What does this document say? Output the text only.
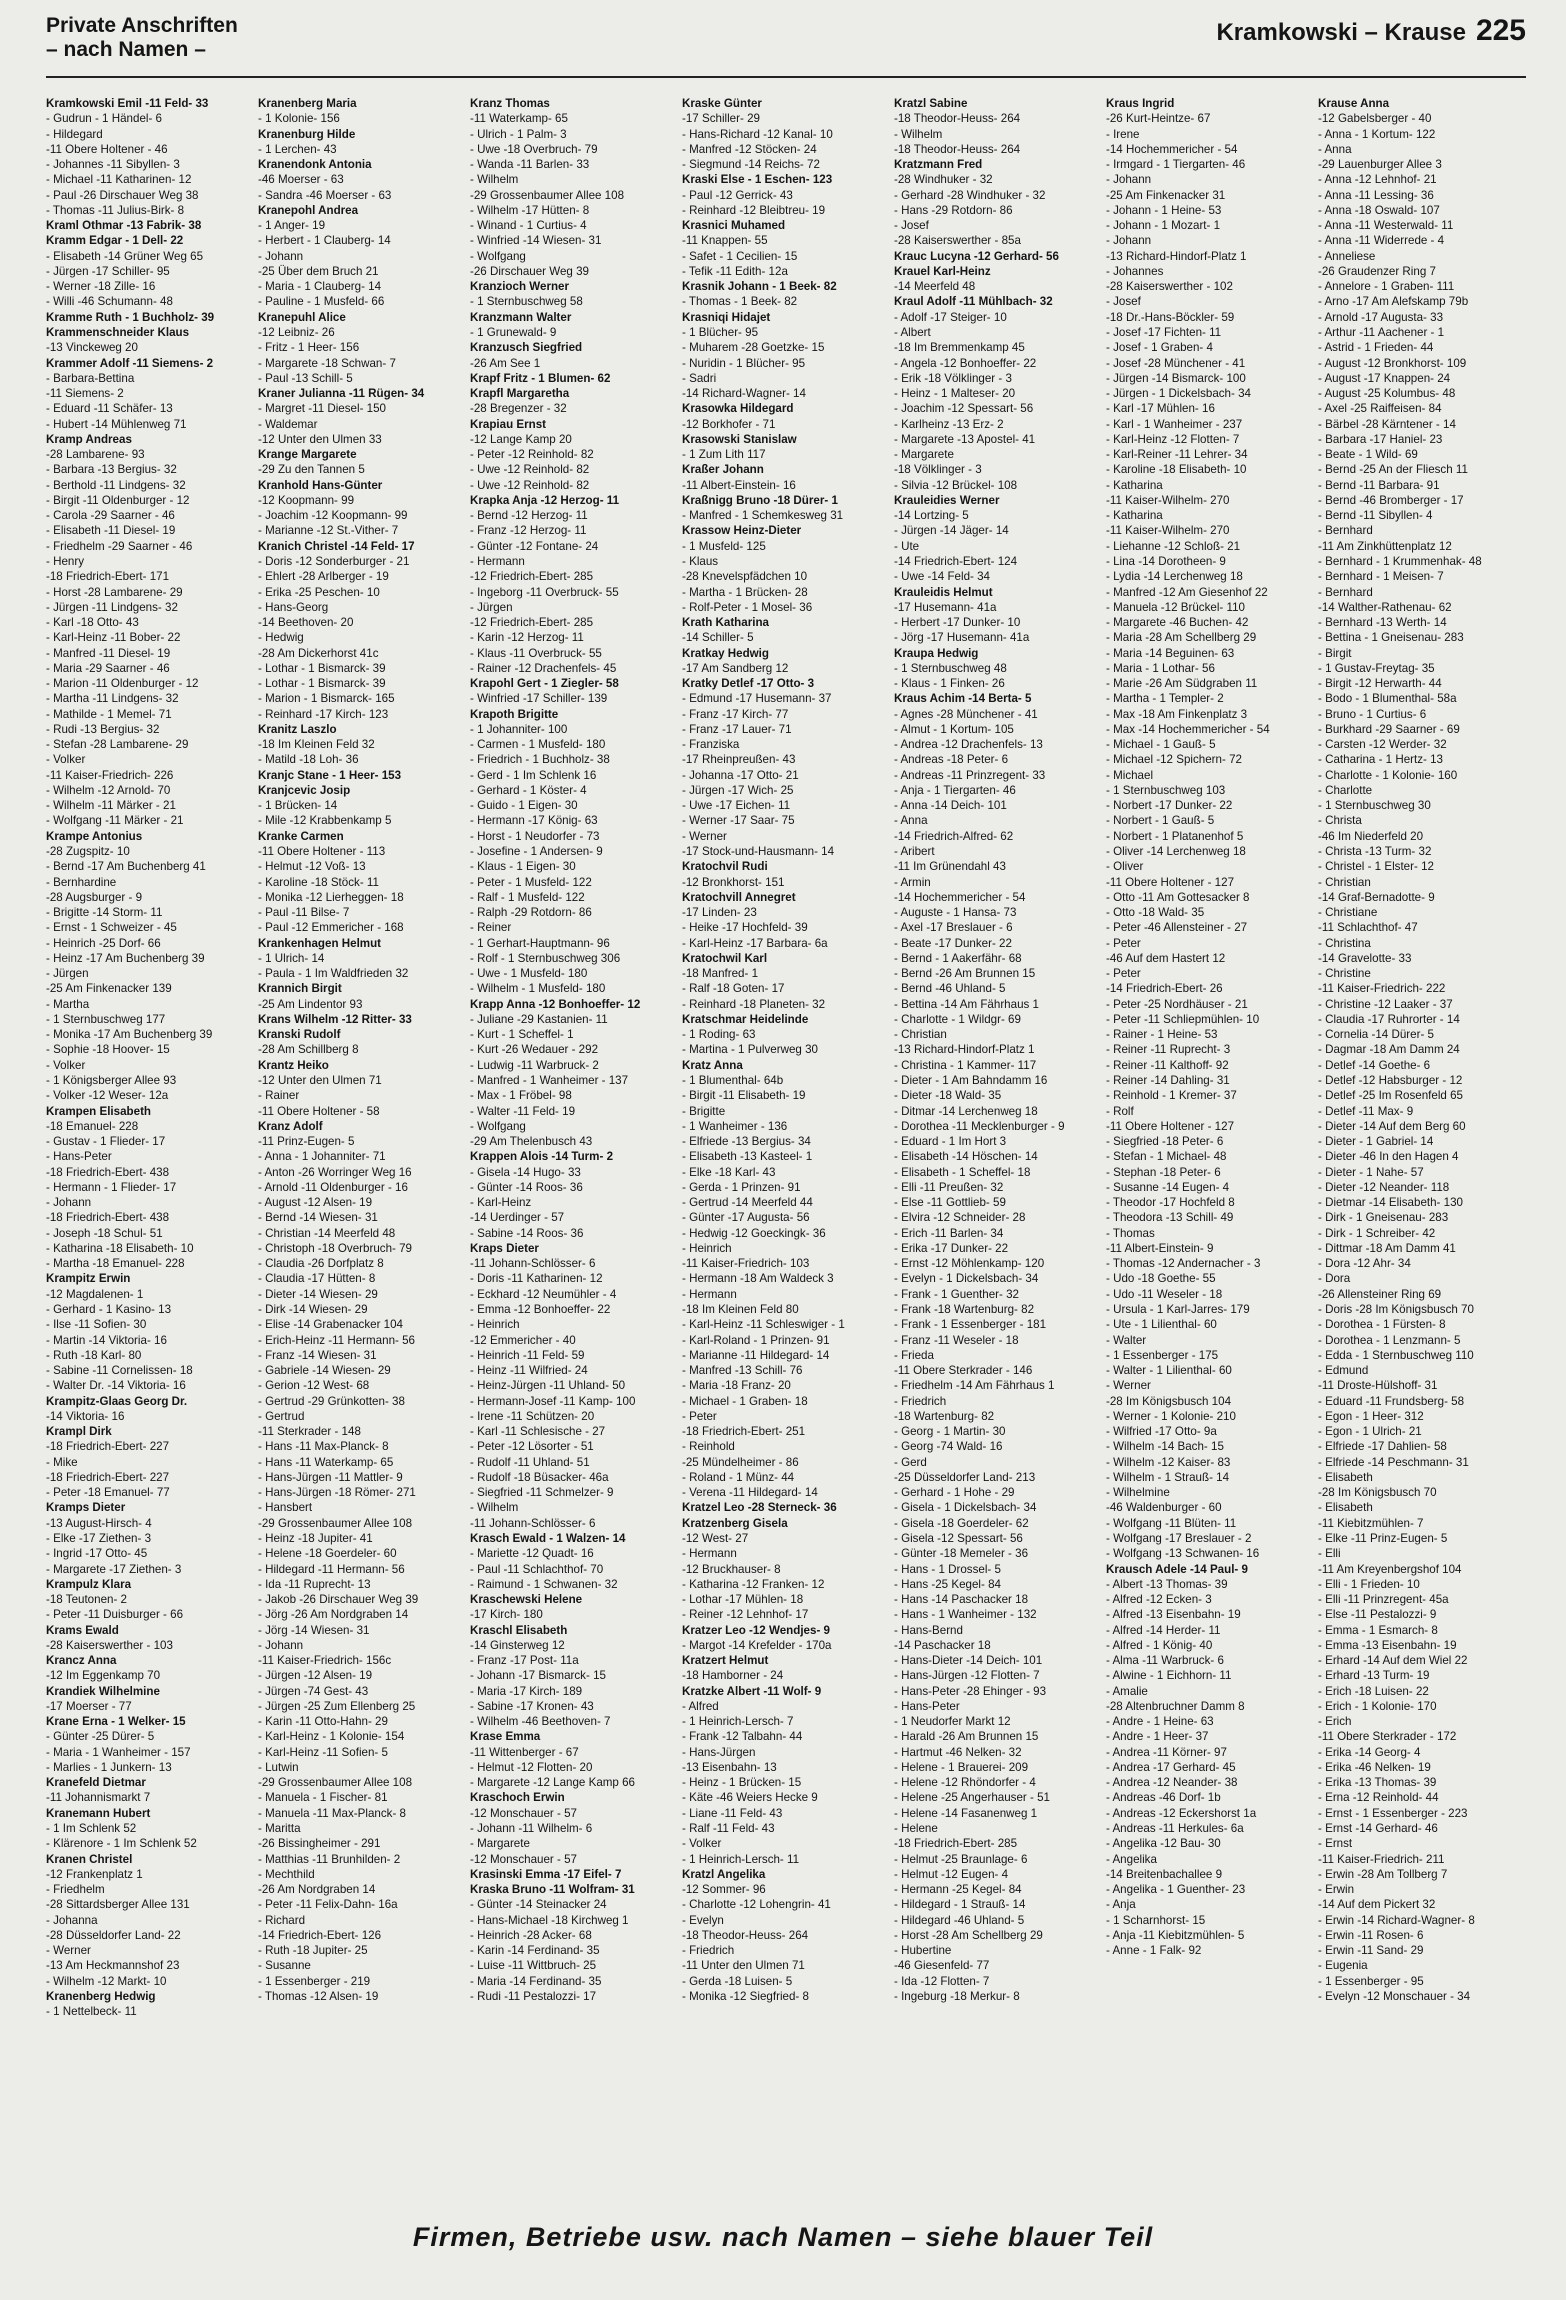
Private Anschriften
– nach Namen –
Kramkowski – Krause 225
Kramkowski Emil -11 Feld- 33
- Gudrun - 1 Händel- 6
- Hildegard
-11 Obere Holtener - 46
- Johannes -11 Sibyllen- 3
- Michael -11 Katharinen- 12
- Paul -26 Dirschauer Weg 38
- Thomas -11 Julius-Birk- 8
Kraml Othmar -13 Fabrik- 38
Kramm Edgar - 1 Dell- 22
- Elisabeth -14 Grüner Weg 65
- Jürgen -17 Schiller- 95
- Werner -18 Zille- 16
- Willi -46 Schumann- 48
Kramme Ruth - 1 Buchholz- 39
Krammenschneider Klaus
-13 Vinckeweg 20
Krammer Adolf -11 Siemens- 2
- Barbara-Bettina
-11 Siemens- 2
- Eduard -11 Schäfer- 13
- Hubert -14 Mühlenweg 71
Kramp Andreas
-28 Lambarene- 93
- Barbara -13 Bergius- 32
- Berthold -11 Lindgens- 32
- Birgit -11 Oldenburger - 12
- Carola -29 Saarner - 46
- Elisabeth -11 Diesel- 19
- Friedhelm -29 Saarner - 46
- Henry
-18 Friedrich-Ebert- 171
- Horst -28 Lambarene- 29
- Jürgen -11 Lindgens- 32
- Karl -18 Otto- 43
- Karl-Heinz -11 Bober- 22
- Manfred -11 Diesel- 19
- Maria -29 Saarner - 46
- Marion -11 Oldenburger - 12
- Martha -11 Lindgens- 32
- Mathilde - 1 Memel- 71
- Rudi -13 Bergius- 32
- Stefan -28 Lambarene- 29
- Volker
-11 Kaiser-Friedrich- 226
- Wilhelm -12 Arnold- 70
- Wilhelm -11 Märker - 21
- Wolfgang -11 Märker - 21
Krampe Antonius
-28 Zugspitz- 10
- Bernd -17 Am Buchenberg 41
- Bernhardine
-28 Augsburger - 9
- Brigitte -14 Storm- 11
- Ernst - 1 Schweizer - 45
- Heinrich -25 Dorf- 66
- Heinz -17 Am Buchenberg 39
- Jürgen
-25 Am Finkenacker 139
- Martha
- 1 Sternbuschweg 177
- Monika -17 Am Buchenberg 39
- Sophie -18 Hoover- 15
- Volker
- 1 Königsberger Allee 93
- Volker -12 Weser- 12a
Krampen Elisabeth
-18 Emanuel- 228
- Gustav - 1 Flieder- 17
- Hans-Peter
-18 Friedrich-Ebert- 438
- Hermann - 1 Flieder- 17
- Johann
-18 Friedrich-Ebert- 438
- Joseph -18 Schul- 51
- Katharina -18 Elisabeth- 10
- Martha -18 Emanuel- 228
Krampitz Erwin
-12 Magdalenen- 1
- Gerhard - 1 Kasino- 13
- Ilse -11 Sofien- 30
- Martin -14 Viktoria- 16
- Ruth -18 Karl- 80
- Sabine -11 Cornelissen- 18
- Walter Dr. -14 Viktoria- 16
Krampitz-Glaas Georg Dr.
-14 Viktoria- 16
Krampl Dirk
-18 Friedrich-Ebert- 227
- Mike
-18 Friedrich-Ebert- 227
- Peter -18 Emanuel- 77
Kramps Dieter
-13 August-Hirsch- 4
- Elke -17 Ziethen- 3
- Ingrid -17 Otto- 45
- Margarete -17 Ziethen- 3
Krampulz Klara
-18 Teutonen- 2
- Peter -11 Duisburger - 66
Krams Ewald
-28 Kaiserswerther - 103
Krancz Anna
-12 Im Eggenkamp 70
Krandiek Wilhelmine
-17 Moerser - 77
Krane Erna - 1 Welker- 15
- Günter -25 Dürer- 5
- Maria - 1 Wanheimer - 157
- Marlies - 1 Junkern- 13
Kranefeld Dietmar
-11 Johannismarkt 7
Kranemann Hubert
- 1 Im Schlenk 52
- Klärenore - 1 Im Schlenk 52
Kranen Christel
-12 Frankenplatz 1
- Friedhelm
-28 Sittardsberger Allee 131
- Johanna
-28 Düsseldorfer Land- 22
- Werner
-13 Am Heckmannshof 23
- Wilhelm -12 Markt- 10
Kranenberg Hedwig
- 1 Nettelbeck- 11
Kranenberg Maria
- 1 Kolonie- 156
Kranenburg Hilde
- 1 Lerchen- 43
Kranendonk Antonia
-46 Moerser - 63
- Sandra -46 Moerser - 63
Kranepohl Andrea
- 1 Anger- 19
- Herbert - 1 Clauberg- 14
- Johann
-25 Über dem Bruch 21
- Maria - 1 Clauberg- 14
- Pauline - 1 Musfeld- 66
Kranepuhl Alice
-12 Leibniz- 26
- Fritz - 1 Heer- 156
- Margarete -18 Schwan- 7
- Paul -13 Schill- 5
Kraner Julianna -11 Rügen- 34
- Margret -11 Diesel- 150
- Waldemar
-12 Unter den Ulmen 33
Krange Margarete
-29 Zu den Tannen 5
Kranhold Hans-Günter
-12 Koopmann- 99
- Joachim -12 Koopmann- 99
- Marianne -12 St.-Vither- 7
Kranich Christel -14 Feld- 17
- Doris -12 Sonderburger - 21
- Ehlert -28 Arlberger - 19
- Erika -25 Peschen- 10
- Hans-Georg
-14 Beethoven- 20
- Hedwig
-28 Am Dickerhorst 41c
- Lothar - 1 Bismarck- 39
- Lothar - 1 Bismarck- 39
- Marion - 1 Bismarck- 165
- Reinhard -17 Kirch- 123
Kranitz Laszlo
-18 Im Kleinen Feld 32
- Matild -18 Loh- 36
Kranjc Stane - 1 Heer- 153
Kranjcevic Josip
- 1 Brücken- 14
- Mile -12 Krabbenkamp 5
Kranke Carmen
-11 Obere Holtener - 113
- Helmut -12 Voß- 13
- Karoline -18 Stöck- 11
- Monika -12 Lierheggen- 18
- Paul -11 Bilse- 7
- Paul -12 Emmericher - 168
Krankenhagen Helmut
- 1 Ulrich- 14
- Paula - 1 Im Waldfrieden 32
Krannich Birgit
-25 Am Lindentor 93
Krans Wilhelm -12 Ritter- 33
Kranski Rudolf
-28 Am Schillberg 8
Krantz Heiko
-12 Unter den Ulmen 71
- Rainer
-11 Obere Holtener - 58
Kranz Adolf
-11 Prinz-Eugen- 5
- Anna - 1 Johanniter- 71
- Anton -26 Worringer Weg 16
- Arnold -11 Oldenburger - 16
- August -12 Alsen- 19
- Bernd -14 Wiesen- 31
- Christian -14 Meerfeld 48
- Christoph -18 Overbruch- 79
- Claudia -26 Dorfplatz 8
- Claudia -17 Hütten- 8
- Dieter -14 Wiesen- 29
- Dirk -14 Wiesen- 29
- Elise -14 Grabenacker 104
- Erich-Heinz -11 Hermann- 56
- Franz -14 Wiesen- 31
- Gabriele -14 Wiesen- 29
- Gerion -12 West- 68
- Gertrud -29 Grünkotten- 38
- Gertrud
-11 Sterkrader - 148
- Hans -11 Max-Planck- 8
- Hans -11 Waterkamp- 65
- Hans-Jürgen -11 Mattler- 9
- Hans-Jürgen -18 Römer- 271
- Hansbert
-29 Grossenbaumer Allee 108
- Heinz -18 Jupiter- 41
- Helene -18 Goerdeler- 60
- Hildegard -11 Hermann- 56
- Ida -11 Ruprecht- 13
- Jakob -26 Dirschauer Weg 39
- Jörg -26 Am Nordgraben 14
- Jörg -14 Wiesen- 31
- Johann
-11 Kaiser-Friedrich- 156c
- Jürgen -12 Alsen- 19
- Jürgen -74 Gest- 43
- Jürgen -25 Zum Ellenberg 25
- Karin -11 Otto-Hahn- 29
- Karl-Heinz - 1 Kolonie- 154
- Karl-Heinz -11 Sofien- 5
- Lutwin
-29 Grossenbaumer Allee 108
- Manuela - 1 Fischer- 81
- Manuela -11 Max-Planck- 8
- Maritta
-26 Bissingheimer - 291
- Matthias -11 Brunhilden- 2
- Mechthild
-26 Am Nordgraben 14
- Peter -11 Felix-Dahn- 16a
- Richard
-14 Friedrich-Ebert- 126
- Ruth -18 Jupiter- 25
- Susanne
- 1 Essenberger - 219
- Thomas -12 Alsen- 19
Kranz Thomas
-11 Waterkamp- 65
- Ulrich - 1 Palm- 3
- Uwe -18 Overbruch- 79
- Wanda -11 Barlen- 33
- Wilhelm
-29 Grossenbaumer Allee 108
- Wilhelm -17 Hütten- 8
- Winand - 1 Curtius- 4
- Winfried -14 Wiesen- 31
- Wolfgang
-26 Dirschauer Weg 39
Kranzioch Werner
- 1 Sternbuschweg 58
Kranzmann Walter
- 1 Grunewald- 9
Kranzusch Siegfried
-26 Am See 1
Krapf Fritz - 1 Blumen- 62
Krapfl Margaretha
-28 Bregenzer - 32
Krapiau Ernst
-12 Lange Kamp 20
- Peter -12 Reinhold- 82
- Uwe -12 Reinhold- 82
- Uwe -12 Reinhold- 82
Krapka Anja -12 Herzog- 11
- Bernd -12 Herzog- 11
- Franz -12 Herzog- 11
- Günter -12 Fontane- 24
- Hermann
-12 Friedrich-Ebert- 285
- Ingeborg -11 Overbruck- 55
- Jürgen
-12 Friedrich-Ebert- 285
- Karin -12 Herzog- 11
- Klaus -11 Overbruck- 55
- Rainer -12 Drachenfels- 45
Krapohl Gert - 1 Ziegler- 58
- Winfried -17 Schiller- 139
Krapoth Brigitte
- 1 Johanniter- 100
- Carmen - 1 Musfeld- 180
- Friedrich - 1 Buchholz- 38
- Gerd - 1 Im Schlenk 16
- Gerhard - 1 Köster- 4
- Guido - 1 Eigen- 30
- Hermann -17 König- 63
- Horst - 1 Neudorfer - 73
- Josefine - 1 Andersen- 9
- Klaus - 1 Eigen- 30
- Peter - 1 Musfeld- 122
- Ralf - 1 Musfeld- 122
- Ralph -29 Rotdorn- 86
- Reiner
- 1 Gerhart-Hauptmann- 96
- Rolf - 1 Sternbuschweg 306
- Uwe - 1 Musfeld- 180
- Wilhelm - 1 Musfeld- 180
Krapp Anna -12 Bonhoeffer- 12
- Juliane -29 Kastanien- 11
- Kurt - 1 Scheffel- 1
- Kurt -26 Wedauer - 292
- Ludwig -11 Warbruck- 2
- Manfred - 1 Wanheimer - 137
- Max - 1 Fröbel- 98
- Walter -11 Feld- 19
- Wolfgang
-29 Am Thelenbusch 43
Krappen Alois -14 Turm- 2
- Gisela -14 Hugo- 33
- Günter -14 Roos- 36
- Karl-Heinz
-14 Uerdinger - 57
- Sabine -14 Roos- 36
Kraps Dieter
-11 Johann-Schlösser- 6
- Doris -11 Katharinen- 12
- Eckhard -12 Neumühler - 4
- Emma -12 Bonhoeffer- 22
- Heinrich
-12 Emmericher - 40
- Heinrich -11 Feld- 59
- Heinz -11 Wilfried- 24
- Heinz-Jürgen -11 Uhland- 50
- Hermann-Josef -11 Kamp- 100
- Irene -11 Schützen- 20
- Karl -11 Schlesische - 27
- Peter -12 Lösorter - 51
- Rudolf -11 Uhland- 51
- Rudolf -18 Büsacker- 46a
- Siegfried -11 Schmelzer- 9
- Wilhelm
-11 Johann-Schlösser- 6
Krasch Ewald - 1 Walzen- 14
- Mariette -12 Quadt- 16
- Paul -11 Schlachthof- 70
- Raimund - 1 Schwanen- 32
Kraschewski Helene
-17 Kirch- 180
Kraschl Elisabeth
-14 Ginsterweg 12
- Franz -17 Post- 11a
- Johann -17 Bismarck- 15
- Maria -17 Kirch- 189
- Sabine -17 Kronen- 43
- Wilhelm -46 Beethoven- 7
Krase Emma
-11 Wittenberger - 67
- Helmut -12 Flotten- 20
- Margarete -12 Lange Kamp 66
Kraschoch Erwin
-12 Monschauer - 57
- Johann -11 Wilhelm- 6
- Margarete
-12 Monschauer - 57
Krasinski Emma -17 Eifel- 7
Kraska Bruno -11 Wolfram- 31
- Günter -14 Steinacker 24
- Hans-Michael -18 Kirchweg 1
- Heinrich -28 Acker- 68
- Karin -14 Ferdinand- 35
- Luise -11 Wittbruch- 25
- Maria -14 Ferdinand- 35
- Rudi -11 Pestalozzi- 17
Kraske Günter
-17 Schiller- 29
- Hans-Richard -12 Kanal- 10
- Manfred -12 Stöcken- 24
- Siegmund -14 Reichs- 72
Kraski Else - 1 Eschen- 123
- Paul -12 Gerrick- 43
- Reinhard -12 Bleibtreu- 19
Krasnici Muhamed
-11 Knappen- 55
- Safet - 1 Cecilien- 15
- Tefik -11 Edith- 12a
Krasnik Johann - 1 Beek- 82
- Thomas - 1 Beek- 82
Krasniqi Hidajet
- 1 Blücher- 95
- Muharem -28 Goetzke- 15
- Nuridin - 1 Blücher- 95
- Sadri
-14 Richard-Wagner- 14
Krasowka Hildegard
-12 Borkhofer - 71
Krasowski Stanislaw
- 1 Zum Lith 117
Kraßer Johann
-11 Albert-Einstein- 16
Kraßnigg Bruno -18 Dürer- 1
- Manfred - 1 Schemkesweg 31
Krassow Heinz-Dieter
- 1 Musfeld- 125
- Klaus
-28 Knevelspfädchen 10
- Martha - 1 Brücken- 28
- Rolf-Peter - 1 Mosel- 36
Krath Katharina
-14 Schiller- 5
Kratkay Hedwig
-17 Am Sandberg 12
Kratky Detlef -17 Otto- 3
- Edmund -17 Husemann- 37
- Franz -17 Kirch- 77
- Franz -17 Lauer- 71
- Franziska
-17 Rheinpreußen- 43
- Johanna -17 Otto- 21
- Jürgen -17 Wich- 25
- Uwe -17 Eichen- 11
- Werner -17 Saar- 75
- Werner
-17 Stock-und-Hausmann- 14
Kratochvil Rudi
-12 Bronkhorst- 151
Kratochvill Annegret
-17 Linden- 23
- Heike -17 Hochfeld- 39
- Karl-Heinz -17 Barbara- 6a
Kratochwil Karl
-18 Manfred- 1
- Ralf -18 Goten- 17
- Reinhard -18 Planeten- 32
Kratschmar Heidelinde
- 1 Roding- 63
- Martina - 1 Pulverweg 30
Kratz Anna
- 1 Blumenthal- 64b
- Birgit -11 Elisabeth- 19
- Brigitte
- 1 Wanheimer - 136
- Elfriede -13 Bergius- 34
- Elisabeth -13 Kasteel- 1
- Elke -18 Karl- 43
- Gerda - 1 Prinzen- 91
- Gertrud -14 Meerfeld 44
- Günter -17 Augusta- 56
- Hedwig -12 Goeckingk- 36
- Heinrich
-11 Kaiser-Friedrich- 103
- Hermann -18 Am Waldeck 3
- Hermann
-18 Im Kleinen Feld 80
- Karl-Heinz -11 Schleswiger - 1
- Karl-Roland - 1 Prinzen- 91
- Marianne -11 Hildegard- 14
- Manfred -13 Schill- 76
- Maria -18 Franz- 20
- Michael - 1 Graben- 18
- Peter
-18 Friedrich-Ebert- 251
- Reinhold
-25 Mündelheimer - 86
- Roland - 1 Münz- 44
- Verena -11 Hildegard- 14
Kratzel Leo -28 Sterneck- 36
Kratzenberg Gisela
-12 West- 27
- Hermann
-12 Bruckhauser- 8
- Katharina -12 Franken- 12
- Lothar -17 Mühlen- 18
- Reiner -12 Lehnhof- 17
Kratzer Leo -12 Wendjes- 9
- Margot -14 Krefelder - 170a
Kratzert Helmut
-18 Hamborner - 24
Kratzke Albert -11 Wolf- 9
- Alfred
- 1 Heinrich-Lersch- 7
- Frank -12 Talbahn- 44
- Hans-Jürgen
-13 Eisenbahn- 13
- Heinz - 1 Brücken- 15
- Käte -46 Weiers Hecke 9
- Liane -11 Feld- 43
- Ralf -11 Feld- 43
- Volker
- 1 Heinrich-Lersch- 11
Kratzl Angelika
-12 Sommer- 96
- Charlotte -12 Lohengrin- 41
- Evelyn
-18 Theodor-Heuss- 264
- Friedrich
-11 Unter den Ulmen 71
- Gerda -18 Luisen- 5
- Monika -12 Siegfried- 8
Kratzl Sabine
-18 Theodor-Heuss- 264
- Wilhelm
-18 Theodor-Heuss- 264
Kratzmann Fred
-28 Windhuker - 32
- Gerhard -28 Windhuker - 32
- Hans -29 Rotdorn- 86
- Josef
-28 Kaiserswerther - 85a
Krauc Lucyna -12 Gerhard- 56
Krauel Karl-Heinz
-14 Meerfeld 48
Kraul Adolf -11 Mühlbach- 32
- Adolf -17 Steiger- 10
- Albert
-18 Im Bremmenkamp 45
- Angela -12 Bonhoeffer- 22
- Erik -18 Völklinger - 3
- Heinz - 1 Malteser- 20
- Joachim -12 Spessart- 56
- Karlheinz -13 Erz- 2
- Margarete -13 Apostel- 41
- Margarete
-18 Völklinger - 3
- Silvia -12 Brückel- 108
Krauleidies Werner
-14 Lortzing- 5
- Jürgen -14 Jäger- 14
- Ute
-14 Friedrich-Ebert- 124
- Uwe -14 Feld- 34
Krauleidis Helmut
-17 Husemann- 41a
- Herbert -17 Dunker- 10
- Jörg -17 Husemann- 41a
Kraupa Hedwig
- 1 Sternbuschweg 48
- Klaus - 1 Finken- 26
Kraus Achim -14 Berta- 5
- Agnes -28 Münchener - 41
- Almut - 1 Kortum- 105
- Andrea -12 Drachenfels- 13
- Andreas -18 Peter- 6
- Andreas -11 Prinzregent- 33
- Anja - 1 Tiergarten- 46
- Anna -14 Deich- 101
- Anna
-14 Friedrich-Alfred- 62
- Aribert
-11 Im Grünendahl 43
- Armin
-14 Hochemmericher - 54
- Auguste - 1 Hansa- 73
- Axel -17 Breslauer - 6
- Beate -17 Dunker- 22
- Bernd - 1 Aakerfähr- 68
- Bernd -26 Am Brunnen 15
- Bernd -46 Uhland- 5
- Bettina -14 Am Fährhaus 1
- Charlotte - 1 Wildgr- 69
- Christian
-13 Richard-Hindorf-Platz 1
- Christina - 1 Kammer- 117
- Dieter - 1 Am Bahndamm 16
- Dieter -18 Wald- 35
- Ditmar -14 Lerchenweg 18
- Dorothea -11 Mecklenburger - 9
- Eduard - 1 Im Hort 3
- Elisabeth -14 Höschen- 14
- Elisabeth - 1 Scheffel- 18
- Elli -11 Preußen- 32
- Else -11 Gottlieb- 59
- Elvira -12 Schneider- 28
- Erich -11 Barlen- 34
- Erika -17 Dunker- 22
- Ernst -12 Möhlenkamp- 120
- Evelyn - 1 Dickelsbach- 34
- Frank - 1 Guenther- 32
- Frank -18 Wartenburg- 82
- Frank - 1 Essenberger - 181
- Franz -11 Weseler - 18
- Frieda
-11 Obere Sterkrader - 146
- Friedhelm -14 Am Fährhaus 1
- Friedrich
-18 Wartenburg- 82
- Georg - 1 Martin- 30
- Georg -74 Wald- 16
- Gerd
-25 Düsseldorfer Land- 213
- Gerhard - 1 Hohe - 29
- Gisela - 1 Dickelsbach- 34
- Gisela -18 Goerdeler- 62
- Gisela -12 Spessart- 56
- Günter -18 Memeler - 36
- Hans - 1 Drossel- 5
- Hans -25 Kegel- 84
- Hans -14 Paschacker 18
- Hans - 1 Wanheimer - 132
- Hans-Bernd
-14 Paschacker 18
- Hans-Dieter -14 Deich- 101
- Hans-Jürgen -12 Flotten- 7
- Hans-Peter -28 Ehinger - 93
- Hans-Peter
- 1 Neudorfer Markt 12
- Harald -26 Am Brunnen 15
- Hartmut -46 Nelken- 32
- Helene - 1 Brauerei- 209
- Helene -12 Rhöndorfer - 4
- Helene -25 Angerhauser - 51
- Helene -14 Fasanenweg 1
- Helene
-18 Friedrich-Ebert- 285
- Helmut -25 Braunlage- 6
- Helmut -12 Eugen- 4
- Hermann -25 Kegel- 84
- Hildegard - 1 Strauß- 14
- Hildegard -46 Uhland- 5
- Horst -28 Am Schellberg 29
- Hubertine
-46 Giesenfeld- 77
- Ida -12 Flotten- 7
- Ingeburg -18 Merkur- 8
Kraus Ingrid
-26 Kurt-Heintze- 67
- Irene
-14 Hochemmericher - 54
- Irmgard - 1 Tiergarten- 46
- Johann
-25 Am Finkenacker 31
- Johann - 1 Heine- 53
- Johann - 1 Mozart- 1
- Johann
-13 Richard-Hindorf-Platz 1
- Johannes
-28 Kaiserswerther - 102
- Josef
-18 Dr.-Hans-Böckler- 59
- Josef -17 Fichten- 11
- Josef - 1 Graben- 4
- Josef -28 Münchener - 41
- Jürgen -14 Bismarck- 100
- Jürgen - 1 Dickelsbach- 34
- Karl -17 Mühlen- 16
- Karl - 1 Wanheimer - 237
- Karl-Heinz -12 Flotten- 7
- Karl-Reiner -11 Lehrer- 34
- Karoline -18 Elisabeth- 10
- Katharina
-11 Kaiser-Wilhelm- 270
- Katharina
-11 Kaiser-Wilhelm- 270
- Liehanne -12 Schloß- 21
- Lina -14 Dorotheen- 9
- Lydia -14 Lerchenweg 18
- Manfred -12 Am Giesenhof 22
- Manuela -12 Brückel- 110
- Margarete -46 Buchen- 42
- Maria -28 Am Schellberg 29
- Maria -14 Beguinen- 63
- Maria - 1 Lothar- 56
- Marie -26 Am Südgraben 11
- Martha - 1 Templer- 2
- Max -18 Am Finkenplatz 3
- Max -14 Hochemmericher - 54
- Michael - 1 Gauß- 5
- Michael -12 Spichern- 72
- Michael
- 1 Sternbuschweg 103
- Norbert -17 Dunker- 22
- Norbert - 1 Gauß- 5
- Norbert - 1 Platanenhof 5
- Oliver -14 Lerchenweg 18
- Oliver
-11 Obere Holtener - 127
- Otto -11 Am Gottesacker 8
- Otto -18 Wald- 35
- Peter -46 Allensteiner - 27
- Peter
-46 Auf dem Hastert 12
- Peter
-14 Friedrich-Ebert- 26
- Peter -25 Nordhäuser - 21
- Peter -11 Schliepmühlen- 10
- Rainer - 1 Heine- 53
- Reiner -11 Ruprecht- 3
- Reiner -11 Kalthoff- 92
- Reiner -14 Dahling- 31
- Reinhold - 1 Kremer- 37
- Rolf
-11 Obere Holtener - 127
- Siegfried -18 Peter- 6
- Stefan - 1 Michael- 48
- Stephan -18 Peter- 6
- Susanne -14 Eugen- 4
- Theodor -17 Hochfeld 8
- Theodora -13 Schill- 49
- Thomas
-11 Albert-Einstein- 9
- Thomas -12 Andernacher - 3
- Udo -18 Goethe- 55
- Udo -11 Weseler - 18
- Ursula - 1 Karl-Jarres- 179
- Ute - 1 Lilienthal- 60
- Walter
- 1 Essenberger - 175
- Walter - 1 Lilienthal- 60
- Werner
-28 Im Königsbusch 104
- Werner - 1 Kolonie- 210
- Wilfried -17 Otto- 9a
- Wilhelm -14 Bach- 15
- Wilhelm -12 Kaiser- 83
- Wilhelm - 1 Strauß- 14
- Wilhelmine
-46 Waldenburger - 60
- Wolfgang -11 Blüten- 11
- Wolfgang -17 Breslauer - 2
- Wolfgang -13 Schwanen- 16
Krausch Adele -14 Paul- 9
- Albert -13 Thomas- 39
- Alfred -12 Ecken- 3
- Alfred -13 Eisenbahn- 19
- Alfred -14 Herder- 11
- Alfred - 1 König- 40
- Alma -11 Warbruck- 6
- Alwine - 1 Eichhorn- 11
- Amalie
-28 Altenbruchner Damm 8
- Andre - 1 Heine- 63
- Andre - 1 Heer- 37
- Andrea -11 Körner- 97
- Andrea -17 Gerhard- 45
- Andrea -12 Neander- 38
- Andreas -46 Dorf- 1b
- Andreas -12 Eckershorst 1a
- Andreas -11 Herkules- 6a
- Angelika -12 Bau- 30
- Angelika
-14 Breitenbachallee 9
- Angelika - 1 Guenther- 23
- Anja
- 1 Scharnhorst- 15
- Anja -11 Kiebitzmühlen- 5
- Anne - 1 Falk- 92
Krause Anna
-12 Gabelsberger - 40
- Anna - 1 Kortum- 122
- Anna
-29 Lauenburger Allee 3
- Anna -12 Lehnhof- 21
- Anna -11 Lessing- 36
- Anna -18 Oswald- 107
- Anna -11 Westerwald- 11
- Anna -11 Widerrede - 4
- Anneliese
-26 Graudenzer Ring 7
- Annelore - 1 Graben- 111
- Arno -17 Am Alefskamp 79b
- Arnold -17 Augusta- 33
- Arthur -11 Aachener - 1
- Astrid - 1 Frieden- 44
- August -12 Bronkhorst- 109
- August -17 Knappen- 24
- August -25 Kolumbus- 48
- Axel -25 Raiffeisen- 84
- Bärbel -28 Kärntener - 14
- Barbara -17 Haniel- 23
- Beate - 1 Wild- 69
- Bernd -25 An der Fliesch 11
- Bernd -11 Barbara- 91
- Bernd -46 Bromberger - 17
- Bernd -11 Sibyllen- 4
- Bernhard
-11 Am Zinkhüttenplatz 12
- Bernhard - 1 Krummenhak- 48
- Bernhard - 1 Meisen- 7
- Bernhard
-14 Walther-Rathenau- 62
- Bernhard -13 Werth- 14
- Bettina - 1 Gneisenau- 283
- Birgit
- 1 Gustav-Freytag- 35
- Birgit -12 Herwarth- 44
- Bodo - 1 Blumenthal- 58a
- Bruno - 1 Curtius- 6
- Burkhard -29 Saarner - 69
- Carsten -12 Werder- 32
- Catharina - 1 Hertz- 13
- Charlotte - 1 Kolonie- 160
- Charlotte
- 1 Sternbuschweg 30
- Christa
-46 Im Niederfeld 20
- Christa -13 Turm- 32
- Christel - 1 Elster- 12
- Christian
-14 Graf-Bernadotte- 9
- Christiane
-11 Schlachthof- 47
- Christina
-14 Gravelotte- 33
- Christine
-11 Kaiser-Friedrich- 222
- Christine -12 Laaker - 37
- Claudia -17 Ruhrorter - 14
- Cornelia -14 Dürer- 5
- Dagmar -18 Am Damm 24
- Detlef -14 Goethe- 6
- Detlef -12 Habsburger - 12
- Detlef -25 Im Rosenfeld 65
- Detlef -11 Max- 9
- Dieter -14 Auf dem Berg 60
- Dieter - 1 Gabriel- 14
- Dieter -46 In den Hagen 4
- Dieter - 1 Nahe- 57
- Dieter -12 Neander- 118
- Dietmar -14 Elisabeth- 130
- Dirk - 1 Gneisenau- 283
- Dirk - 1 Schreiber- 42
- Dittmar -18 Am Damm 41
- Dora -12 Ahr- 34
- Dora
-26 Allensteiner Ring 69
- Doris -28 Im Königsbusch 70
- Dorothea - 1 Fürsten- 8
- Dorothea - 1 Lenzmann- 5
- Edda - 1 Sternbuschweg 110
- Edmund
-11 Droste-Hülshoff- 31
- Eduard -11 Frundsberg- 58
- Egon - 1 Heer- 312
- Egon - 1 Ulrich- 21
- Elfriede -17 Dahlien- 58
- Elfriede -14 Peschmann- 31
- Elisabeth
-28 Im Königsbusch 70
- Elisabeth
-11 Kiebitzmühlen- 7
- Elke -11 Prinz-Eugen- 5
- Elli
-11 Am Kreyenbergshof 104
- Elli - 1 Frieden- 10
- Elli -11 Prinzregent- 45a
- Else -11 Pestalozzi- 9
- Emma - 1 Esmarch- 8
- Emma -13 Eisenbahn- 19
- Erhard -14 Auf dem Wiel 22
- Erhard -13 Turm- 19
- Erich -18 Luisen- 22
- Erich - 1 Kolonie- 170
- Erich
-11 Obere Sterkrader - 172
- Erika -14 Georg- 4
- Erika -46 Nelken- 19
- Erika -13 Thomas- 39
- Erna -12 Reinhold- 44
- Ernst - 1 Essenberger - 223
- Ernst -14 Gerhard- 46
- Ernst
-11 Kaiser-Friedrich- 211
- Erwin -28 Am Tollberg 7
- Erwin
-14 Auf dem Pickert 32
- Erwin -14 Richard-Wagner- 8
- Erwin -11 Rosen- 6
- Erwin -11 Sand- 29
- Eugenia
- 1 Essenberger - 95
- Evelyn -12 Monschauer - 34
Firmen, Betriebe usw. nach Namen – siehe blauer Teil
